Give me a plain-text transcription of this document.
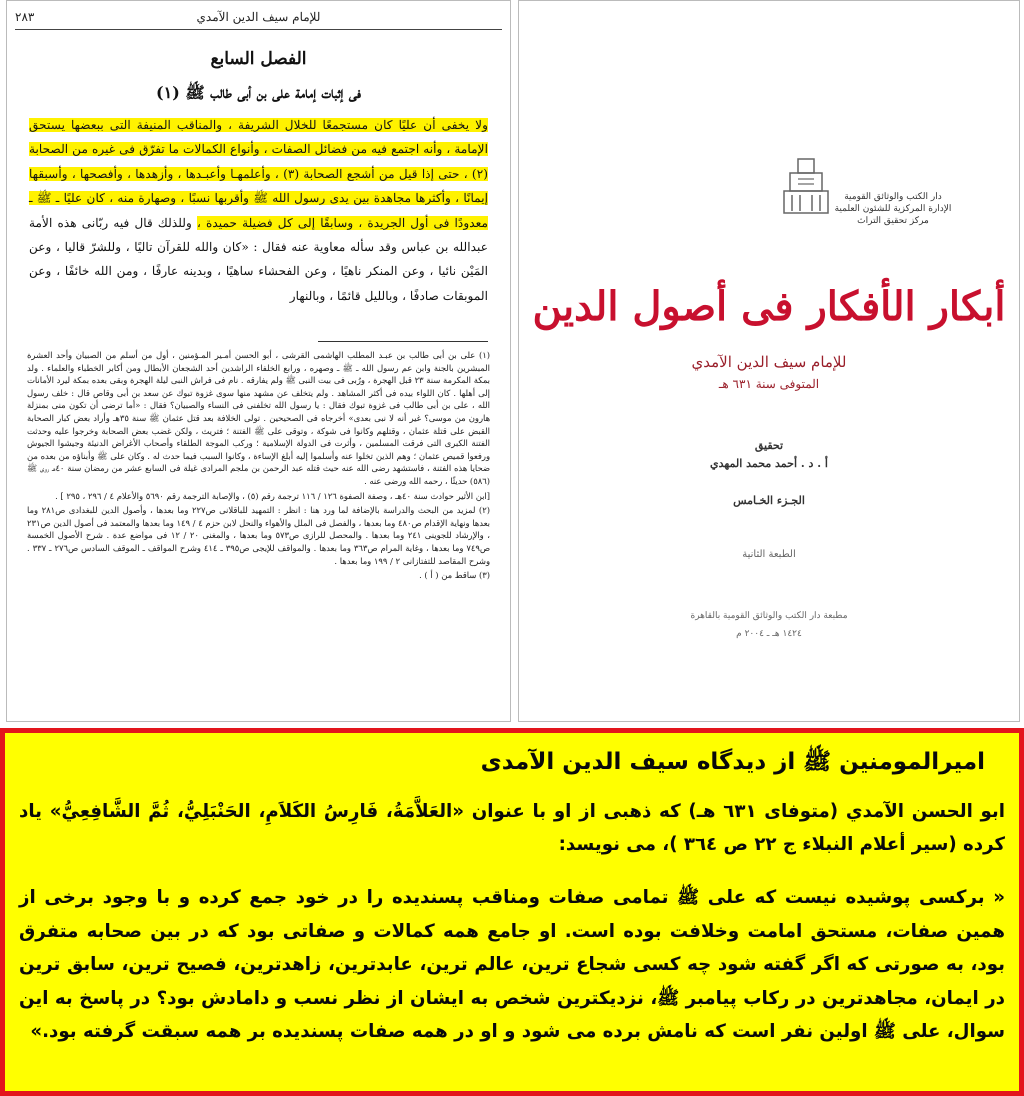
للإمام سيف الدين الآمدي
٢٨٣
الفصل السابع
فى إثبات إمامة على بن أبى طالب ﷺ (١)
ولا يخفى أن عليًا كان مستجمعًا للخلال الشريفة ، والمناقب المنيفة التى ببعضها يستحق الإمامة ، وأنه اجتمع فيه من فضائل الصفات ، وأنواع الكمالات ما تفرّق فى غيره من الصحابة (٢) ، حتى إذا قيل من أشجع الصحابة (٣) ، وأعلمهـا وأعبـدها ، وأزهدها ، وأفصحها ، وأسبقها إيمانًا ، وأكثرها مجاهدة بين يدى رسول الله ﷺ وأقربها نسبًا ، وصهارة منه ، كان عليًا ـ ﷺ ـ معدودًا فى أول الجريدة ، وسابقًا إلى كل فضيلة حميدة ، وللذلك قال فيه ربّانى هذه الأمة عبدالله بن عباس وقد سأله معاوية عنه فقال : «كان والله للقرآن تاليًا ، وللشرّ قاليا ، وعن المَيْن نائيا ، وعن المنكر ناهيًا ، وعن الفحشاء ساهيًا ، وبدينه عارفًا ، ومن الله خائفًا ، وعن الموبقات صادفًا ، وبالليل قائمًا ، وبالنهار

(١) على بن أبى طالب بن عبـد المطلب الهاشمى القرشى ، أبو الحسن أمـير المـؤمنين ، أول من أسلم من الصبيان وأحد العشرة المبشرين بالجنة وابن عم رسول الله ـ ﷺ ـ وصهره ، ورابع الخلفاء الراشدين أحد الشجعان الأبطال ومن أكابر الخطباء والعلماء . ولد بمكة المكرمة سنة ٢٣ قبل الهجرة ، ورُبى فى بيت النبى ﷺ ولم يفارقه . نام فى فراش النبى ليلة الهجرة وبقى بعده بمكة ليرد الأمانات إلى أهلها . كان اللواء بيده فى أكثر المشاهد . ولم يتخلف عن مشهد منها سوى غزوة تبوك عن سعد بن أبى وقاص قال : خلف رسول الله ، على بن أبى طالب فى غزوة تبوك فقال : يا رسول الله تخلفنى فى النساء والصبيان؟ فقال : «أما ترضى أن تكون منى بمنزلة هارون من موسى؟ غير أنه لا نبى بعدى» أخرجاه فى الصحيحين . تولى الخلافة بعد قتل عثمان ﷺ سنة ٣٥هـ وأراد بعض كبار الصحابة القبض على قتلة عثمان ، وقتلهم وكانوا فى شوكة ، وتوقى على ﷺ الفتنة ؛ فتريث ، ولكن غضب بعض الصحابة وخرجوا عليه وحدثت الفتنة الكبرى التى فرقت المسلمين ، وأثرت فى الدولة الإسلامية ؛ وركب الموجة الطلقاء وأصحاب الأغراض الدنيئة وجيشوا الجيوش ورفعوا قميص عثمان ؛ وهم الذين تخلوا عنه وأسلموا إليه أبلغ الإساءة ، وكانوا السبب فيما حدث له . وكان على ﷺ وأبناؤه من بعده من ضحايا هذه الفتنة ، فاستشهد رضى الله عنه حيث قتله عبد الرحمن بن ملجم المرادى غيلة فى السابع عشر من رمضان سنة ٤٠هـ روى ﷺ (٥٨٦) حديثًا ، رحمه الله ورضى عنه .

[ابن الأثير حوادث سنة ٤٠هـ ، وصفة الصفوة ١٢٦ / ١١٦ ترجمة رقم (٥) ، والإصابة الترجمة رقم ٥٦٩٠ والأعلام ٤ / ٢٩٦ ، ٢٩٥ ] .

(٢) لمزيد من البحث والدراسة بالإضافة لما ورد هنا : انظر : التمهيد للباقلانى ص٢٢٧ وما بعدها ، وأصول الدين للبغدادى ص٢٨١ وما بعدها ونهاية الإقدام ص٤٨٠ وما بعدها ، والفصل فى الملل والأهواء والنحل لابن حزم ٤ / ١٤٩ وما بعدها والمعتمد فى أصول الدين ص٢٣١ ، والإرشاد للجوينى ٢٤١ وما بعدها . والمحصل للرازى ص٥٧٣ وما بعدها ، والمغنى ٢٠ / ١٢ فى مواضع عدة . شرح الأصول الخمسة ص٧٤٩ وما بعدها ، وغاية المرام ص٣٦٣ وما بعدها . والمواقف للإيجى ص٣٩٥ ـ ٤١٤ وشرح المواقف ـ الموقف السادس ص٢٧٦ ـ ٣٣٧ . وشرح المقاصد للتفتازانى ٢ / ١٩٩ وما بعدها .

(٣) ساقط من ( أ ) .

دار الكتب والوثائق القومية
الإدارة المركزية للشئون العلمية
مركز تحقيق التراث
أبكار الأفكار فى أصول الدين
للإمام سيف الدين الآمدي
المتوفى سنة ٦٣١ هـ
تحقيق
أ . د . أحمد محمد المهدي
الجـزء الخـامس
الطبعة الثانية
مطبعة دار الكتب والوثائق القومية بالقاهرة
١٤٢٤ هـ ـ ٢٠٠٤ م
اميرالمومنین ﷺ از دیدگاه سیف الدین الآمدی
ابو الحسن الآمدي (متوفای ٦٣١ هـ) كه ذهبی از او با عنوان «العَلاَّمَةُ، فَارِسُ الكَلاَمِ، الحَنْبَلِيُّ، ثُمَّ الشَّافِعِيُّ» یاد کرده (سير أعلام النبلاء ج ٢٢ ص ٣٦٤ )، می نویسد:
« برکسی پوشیده نیست که علی ﷺ تمامی صفات ومناقب پسندیده را در خود جمع کرده و با وجود برخی از همین صفات، مستحق امامت وخلافت بوده است. او جامع همه کمالات و صفاتی بود که در بین صحابه متفرق بود، به صورتی که اگر گفته شود چه کسی شجاع ترین، عالم ترین، عابدترین، زاهدترین، فصیح ترین، سابق ترین در ایمان، مجاهدترین در رکاب پیامبر ﷺ، نزدیکترین شخص به ایشان از نظر نسب و دامادش بود؟ در پاسخ به این سوال، علی ﷺ اولین نفر است که نامش برده می شود و او در همه صفات پسندیده بر همه سبقت گرفته بود.»
